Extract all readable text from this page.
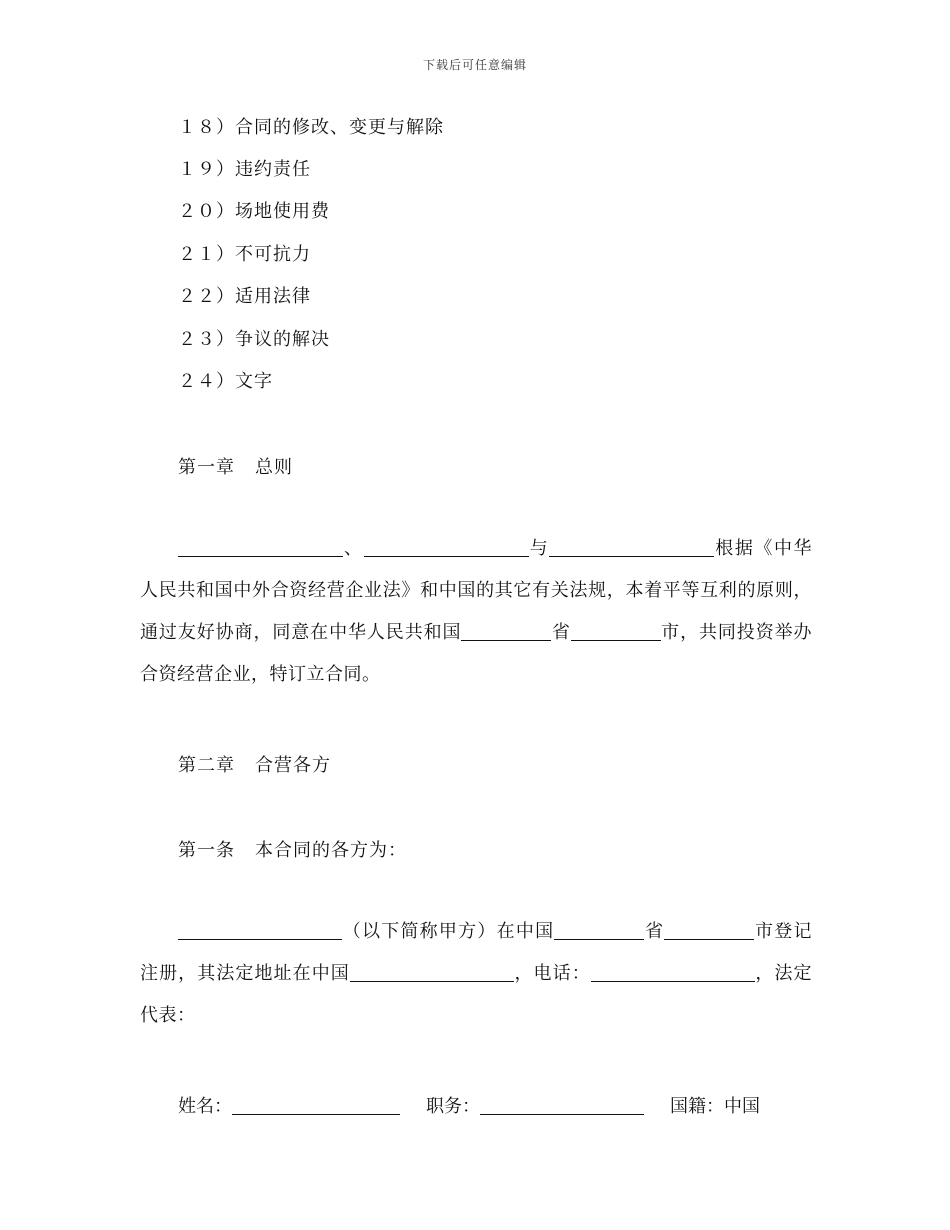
下载后可任意编辑
１８）合同的修改、变更与解除
１９）违约责任
２０）场地使用费
２１）不可抗力
２２）适用法律
２３）争议的解决
２４）文字
第一章 总则
、	与	根据《中华人民共和国中外合资经营企业法》和中国的其它有关法规，本着平等互利的原则，通过友好协商，同意在中华人民共和国	省	市，共同投资举办合资经营企业，特订立合同。
第二章 合营各方
第一条 本合同的各方为：
（以下简称甲方）在中国	省	市登记注册，其法定地址在中国	，电话：	，法定代表：
姓名：	职务：	国籍：中国
